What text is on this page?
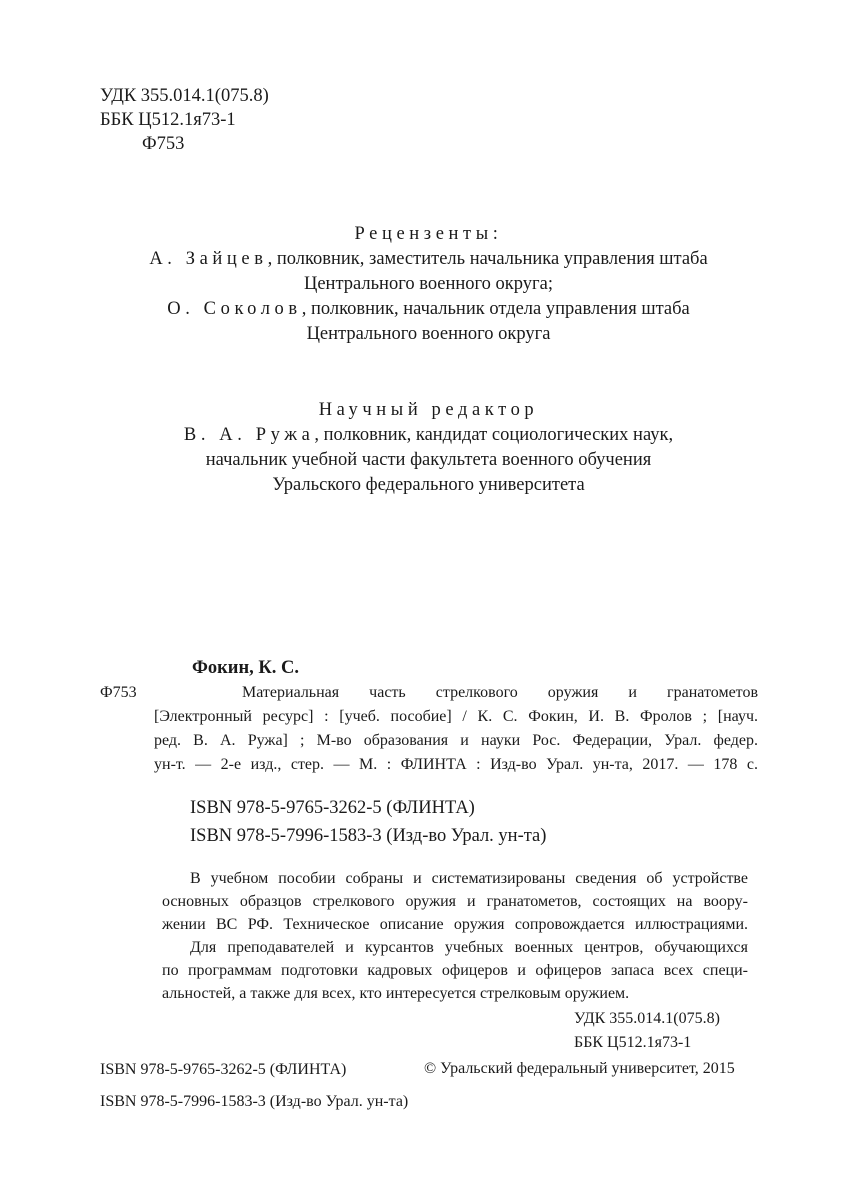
УДК 355.014.1(075.8)
ББК Ц512.1я73-1
Ф753
Рецензенты:
А. Зайцев, полковник, заместитель начальника управления штаба
Центрального военного округа;
О. Соколов, полковник, начальник отдела управления штаба
Центрального военного округа
Научный редактор
В. А. Ружа, полковник, кандидат социологических наук,
начальник учебной части факультета военного обучения
Уральского федерального университета
Фокин, К. С.
Ф753	Материальная часть стрелкового оружия и гранатометов
[Электронный ресурс] : [учеб. пособие] / К. С. Фокин, И. В. Фролов ; [науч.
ред. В. А. Ружа] ; М-во образования и науки Рос. Федерации, Урал. федер.
ун-т. — 2-е изд., стер. — М. : ФЛИНТА : Изд-во Урал. ун-та, 2017. — 178 с.
ISBN 978-5-9765-3262-5 (ФЛИНТА)
ISBN 978-5-7996-1583-3 (Изд-во Урал. ун-та)
В учебном пособии собраны и систематизированы сведения об устройстве
основных образцов стрелкового оружия и гранатометов, состоящих на воору-
жении ВС РФ. Техническое описание оружия сопровождается иллюстрациями.
Для преподавателей и курсантов учебных военных центров, обучающихся
по программам подготовки кадровых офицеров и офицеров запаса всех специ-
альностей, а также для всех, кто интересуется стрелковым оружием.
УДК 355.014.1(075.8)
ББК Ц512.1я73-1
ISBN 978-5-9765-3262-5 (ФЛИНТА)	© Уральский федеральный университет, 2015
ISBN 978-5-7996-1583-3 (Изд-во Урал. ун-та)
